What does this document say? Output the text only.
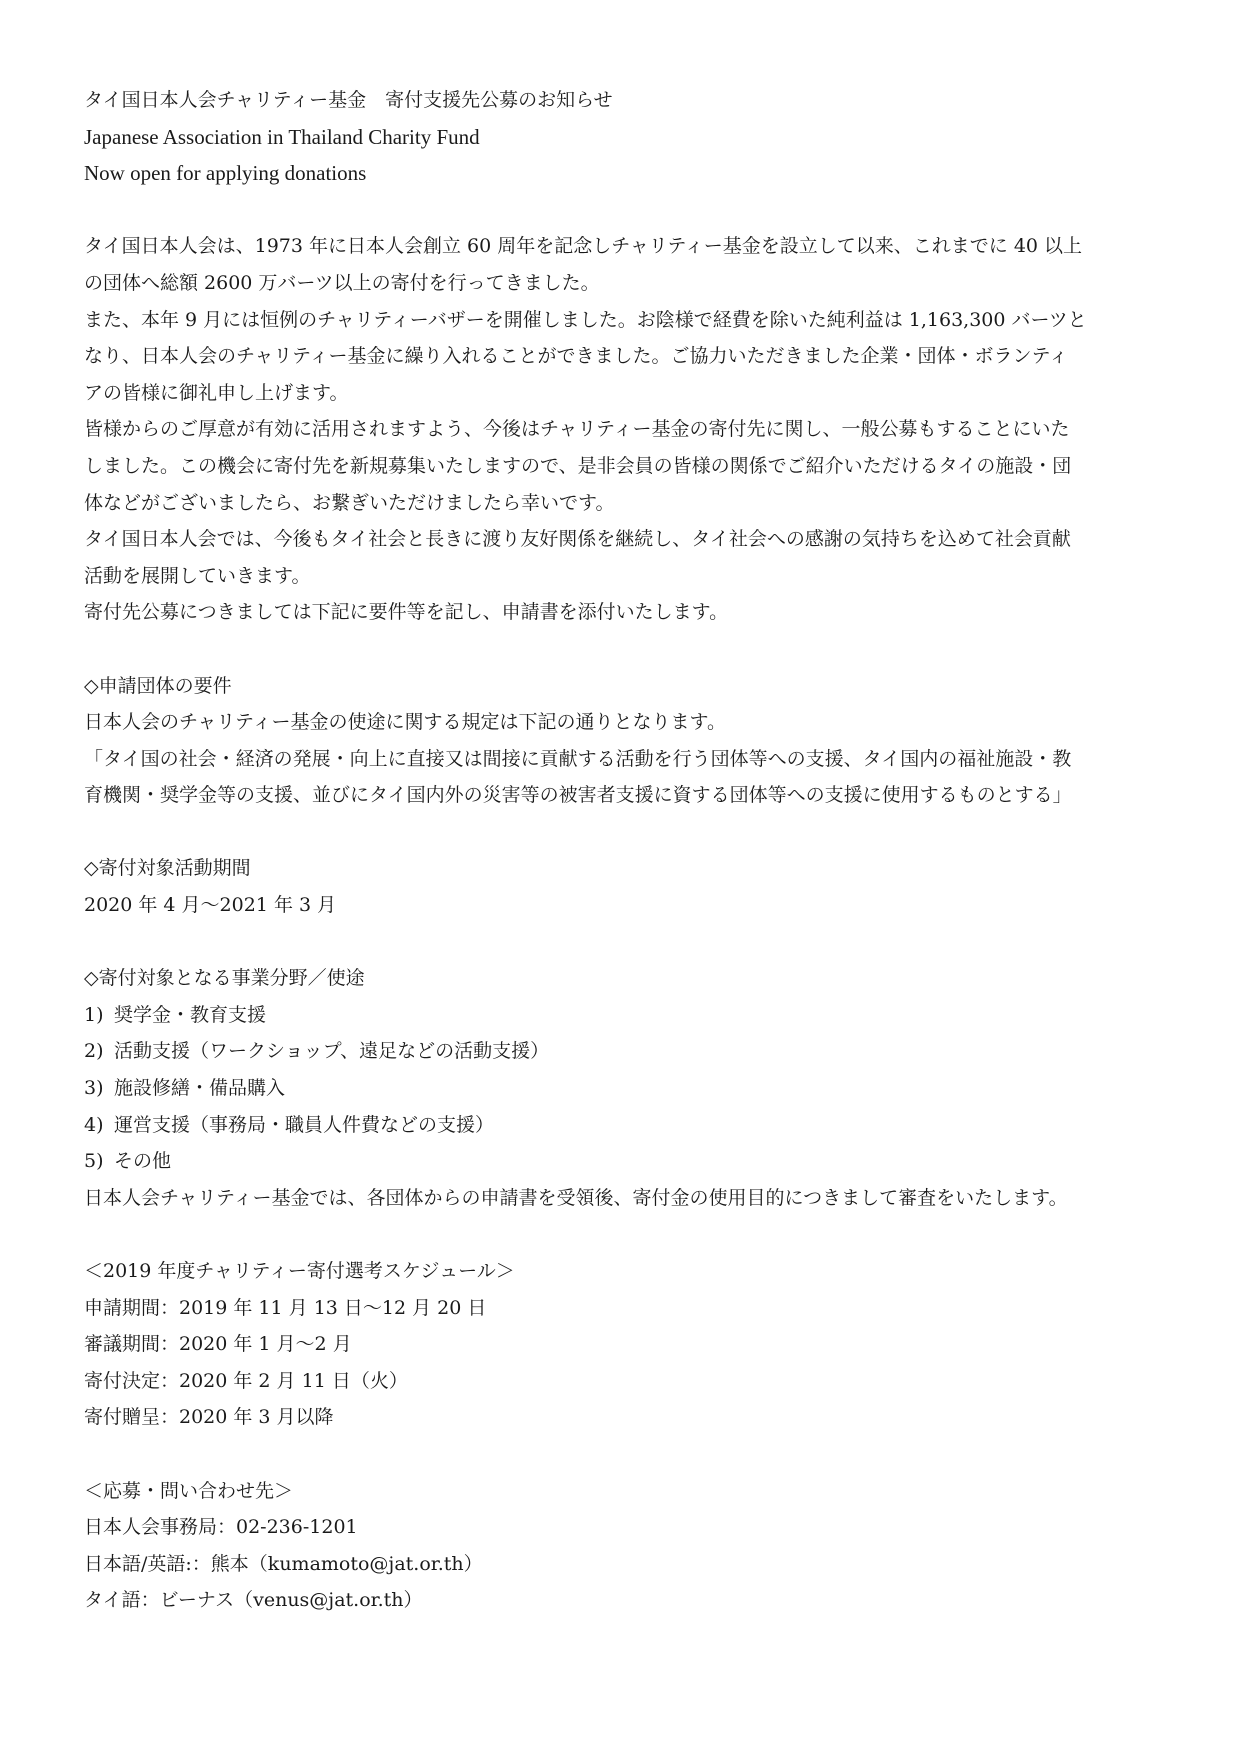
タイ国日本人会チャリティー基金　寄付支援先公募のお知らせ
Japanese Association in Thailand Charity Fund
Now open for applying donations
タイ国日本人会は、1973 年に日本人会創立 60 周年を記念しチャリティー基金を設立して以来、これまでに 40 以上
の団体へ総額 2600 万バーツ以上の寄付を行ってきました。
また、本年 9 月には恒例のチャリティーバザーを開催しました。お陰様で経費を除いた純利益は 1,163,300 バーツと
なり、日本人会のチャリティー基金に繰り入れることができました。ご協力いただきました企業・団体・ボランティ
アの皆様に御礼申し上げます。
皆様からのご厚意が有効に活用されますよう、今後はチャリティー基金の寄付先に関し、一般公募もすることにいた
しました。この機会に寄付先を新規募集いたしますので、是非会員の皆様の関係でご紹介いただけるタイの施設・団
体などがございましたら、お繋ぎいただけましたら幸いです。
タイ国日本人会では、今後もタイ社会と長きに渡り友好関係を継続し、タイ社会への感謝の気持ちを込めて社会貢献
活動を展開していきます。
寄付先公募につきましては下記に要件等を記し、申請書を添付いたします。
◇申請団体の要件
日本人会のチャリティー基金の使途に関する規定は下記の通りとなります。
「タイ国の社会・経済の発展・向上に直接又は間接に貢献する活動を行う団体等への支援、タイ国内の福祉施設・教
育機関・奨学金等の支援、並びにタイ国内外の災害等の被害者支援に資する団体等への支援に使用するものとする」
◇寄付対象活動期間
2020 年 4 月～2021 年 3 月
◇寄付対象となる事業分野／使途
1) 奨学金・教育支援
2) 活動支援（ワークショップ、遠足などの活動支援）
3) 施設修繕・備品購入
4) 運営支援（事務局・職員人件費などの支援）
5) その他
日本人会チャリティー基金では、各団体からの申請書を受領後、寄付金の使用目的につきまして審査をいたします。
＜2019 年度チャリティー寄付選考スケジュール＞
申請期間：2019 年 11 月 13 日～12 月 20 日
審議期間：2020 年 1 月～2 月
寄付決定：2020 年 2 月 11 日（火）
寄付贈呈：2020 年 3 月以降
＜応募・問い合わせ先＞
日本人会事務局：02-236-1201
日本語/英語:：熊本（kumamoto@jat.or.th）
タイ語：ビーナス（venus@jat.or.th）
